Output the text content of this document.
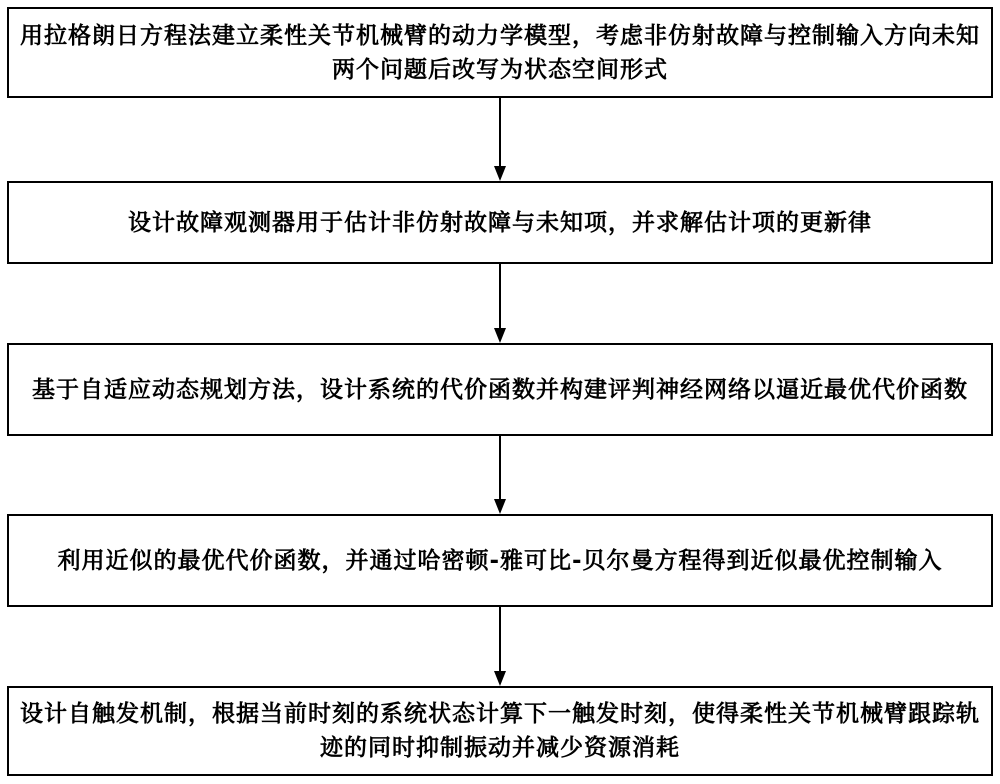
用拉格朗日方程法建立柔性关节机械臂的动力学模型，考虑非仿射故障与控制输入方向未知两个问题后改写为状态空间形式
设计故障观测器用于估计非仿射故障与未知项，并求解估计项的更新律
基于自适应动态规划方法，设计系统的代价函数并构建评判神经网络以逼近最优代价函数
利用近似的最优代价函数，并通过哈密顿-雅可比-贝尔曼方程得到近似最优控制输入
设计自触发机制，根据当前时刻的系统状态计算下一触发时刻，使得柔性关节机械臂跟踪轨迹的同时抑制振动并减少资源消耗
